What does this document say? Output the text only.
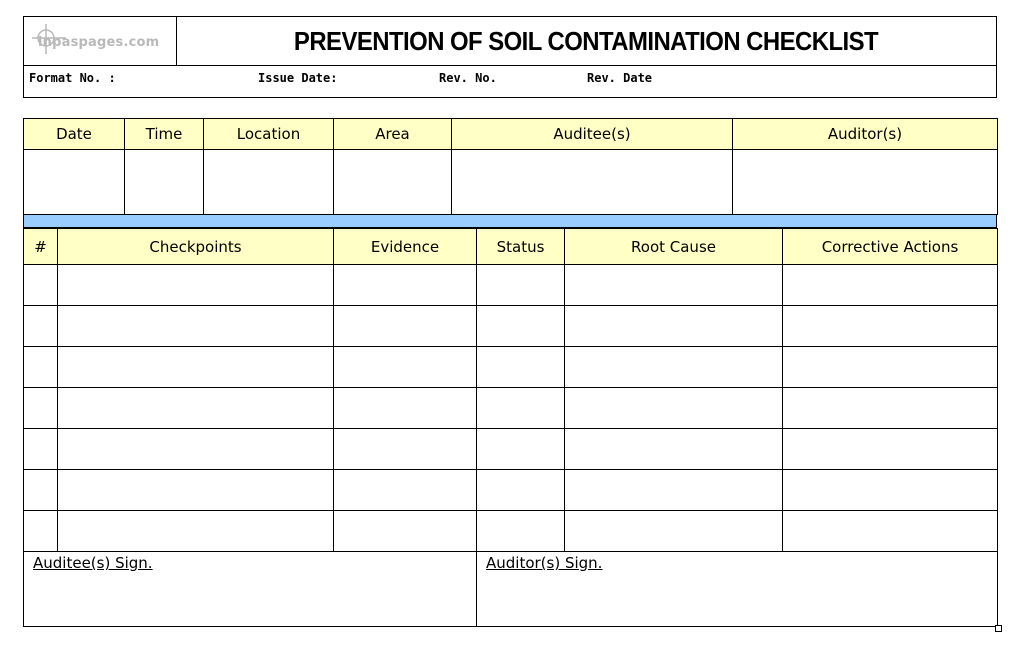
inpaspages.com	PREVENTION OF SOIL CONTAMINATION CHECKLIST
Format No. :	Issue Date:	Rev. No.	Rev. Date
Date	Time	Location	Area	Auditee(s)	Auditor(s)

#	Checkpoints	Evidence	Status	Root Cause	Corrective Actions

Auditee(s) Sign.	Auditor(s) Sign.
